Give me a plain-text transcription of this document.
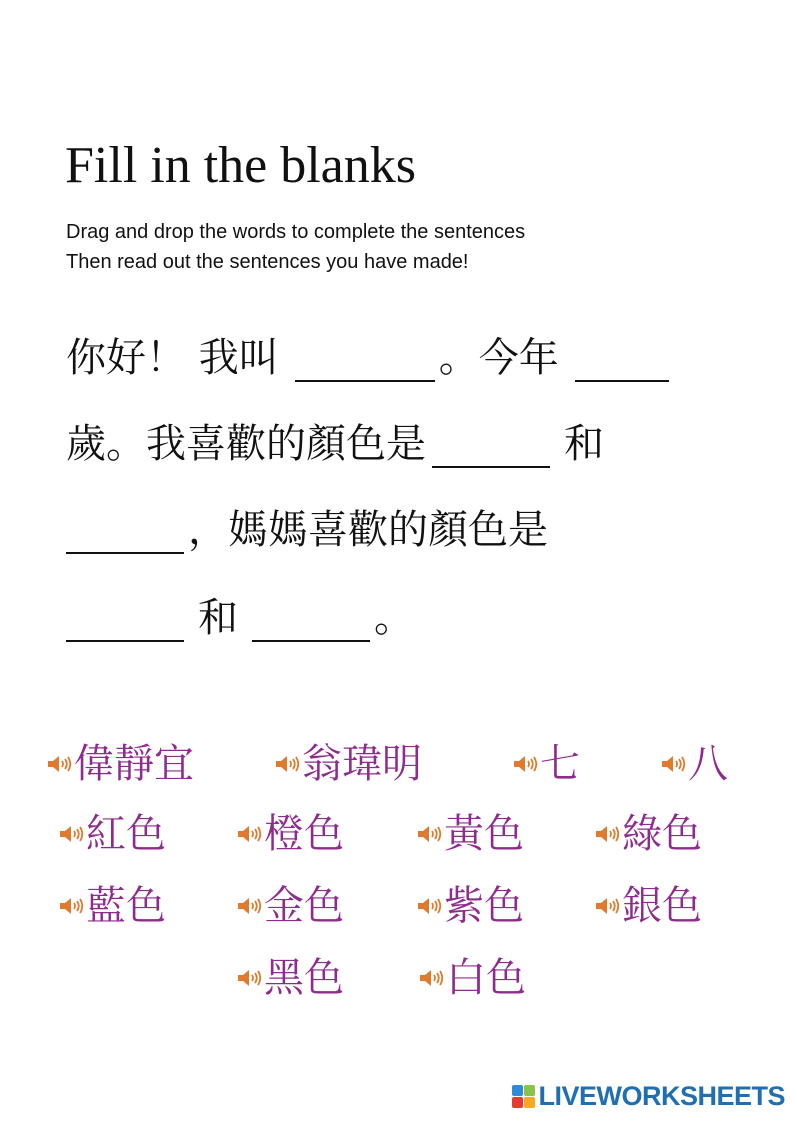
Fill in the blanks
Drag and drop the words to complete the sentences
Then read out the sentences you have made!
你好！ 我叫	。今年
歲。我喜歡的顏色是	和
，媽媽喜歡的顏色是
和	。
偉靜宜	翁瑋明	七	八
紅色 橙色	黃色 綠色
藍色 金色	紫色 銀色
黑色	白色
LIVEWORKSHEETS
